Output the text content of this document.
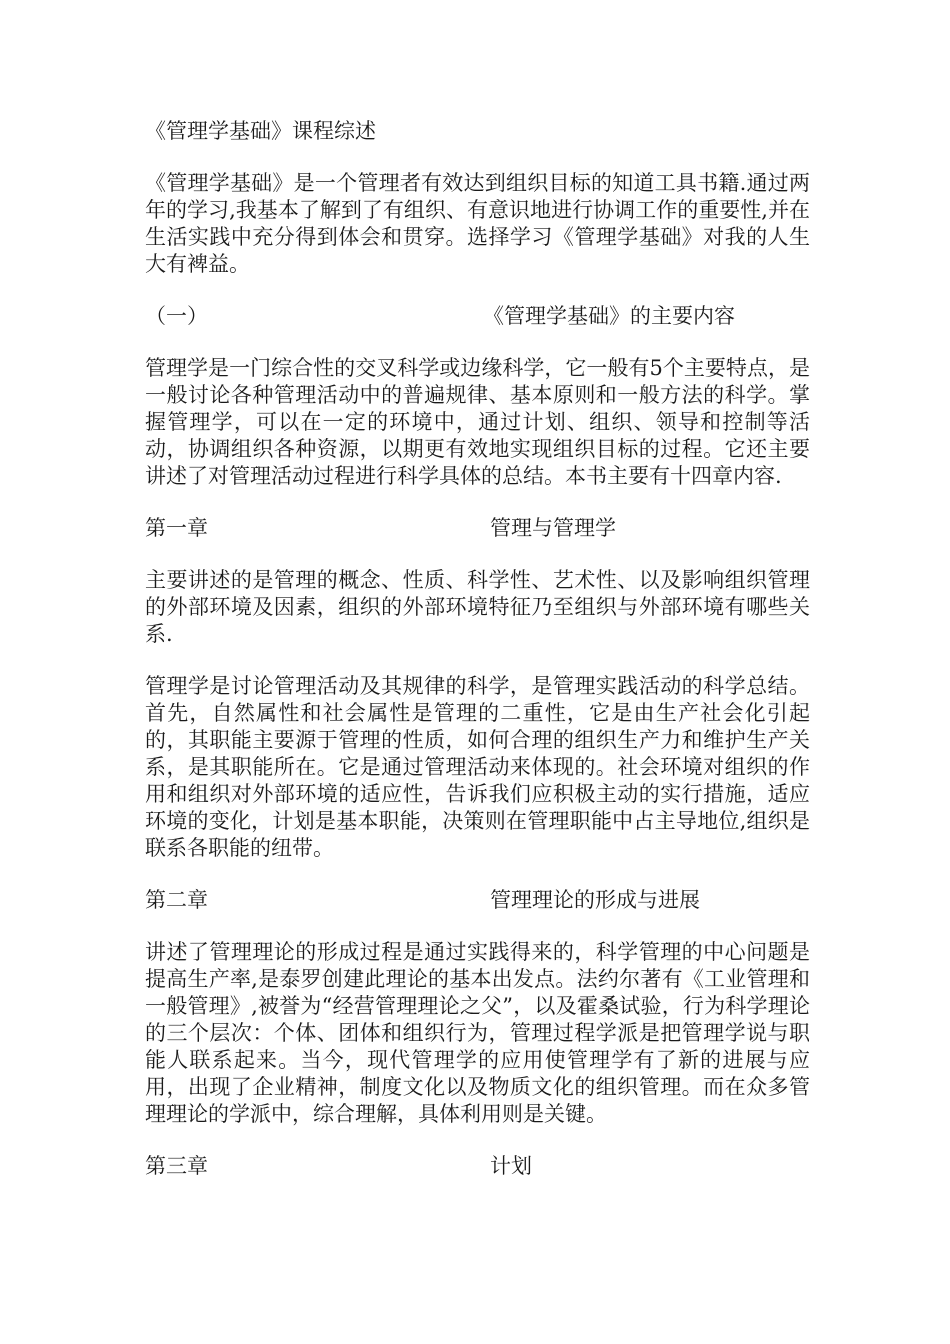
《管理学基础》课程综述

《管理学基础》是一个管理者有效达到组织目标的知道工具书籍.通过两年的学习,我基本了解到了有组织、有意识地进行协调工作的重要性,并在生活实践中充分得到体会和贯穿。选择学习《管理学基础》对我的人生大有裨益。

（一）	《管理学基础》的主要内容

管理学是一门综合性的交叉科学或边缘科学，它一般有5个主要特点，是一般讨论各种管理活动中的普遍规律、基本原则和一般方法的科学。掌握管理学，可以在一定的环境中，通过计划、组织、领导和控制等活动，协调组织各种资源，以期更有效地实现组织目标的过程。它还主要讲述了对管理活动过程进行科学具体的总结。本书主要有十四章内容.

第一章	管理与管理学

主要讲述的是管理的概念、性质、科学性、艺术性、以及影响组织管理的外部环境及因素，组织的外部环境特征乃至组织与外部环境有哪些关系.

管理学是讨论管理活动及其规律的科学，是管理实践活动的科学总结。首先，自然属性和社会属性是管理的二重性，它是由生产社会化引起的，其职能主要源于管理的性质，如何合理的组织生产力和维护生产关系，是其职能所在。它是通过管理活动来体现的。社会环境对组织的作用和组织对外部环境的适应性，告诉我们应积极主动的实行措施，适应环境的变化，计划是基本职能，决策则在管理职能中占主导地位,组织是联系各职能的纽带。

第二章	管理理论的形成与进展

讲述了管理理论的形成过程是通过实践得来的，科学管理的中心问题是提高生产率,是泰罗创建此理论的基本出发点。法约尔著有《工业管理和一般管理》,被誉为“经营管理理论之父”，以及霍桑试验，行为科学理论的三个层次：个体、团体和组织行为，管理过程学派是把管理学说与职能人联系起来。当今，现代管理学的应用使管理学有了新的进展与应用，出现了企业精神，制度文化以及物质文化的组织管理。而在众多管理理论的学派中，综合理解，具体利用则是关键。

第三章	计划
